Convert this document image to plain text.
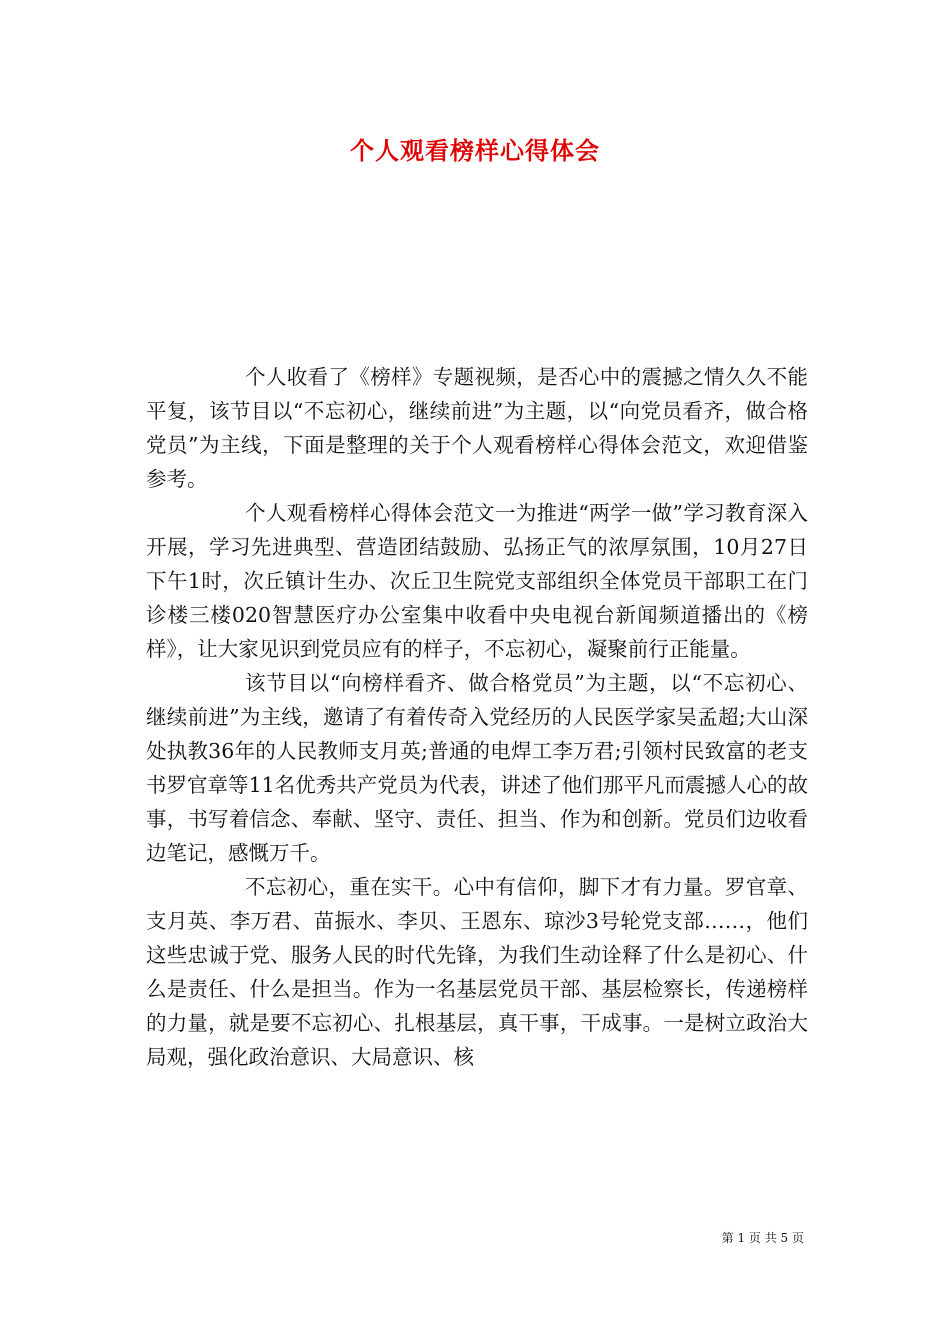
个人观看榜样心得体会

个人收看了《榜样》专题视频，是否心中的震撼之情久久不能平复，该节目以“不忘初心，继续前进”为主题，以“向党员看齐，做合格党员”为主线，下面是整理的关于个人观看榜样心得体会范文，欢迎借鉴参考。

个人观看榜样心得体会范文一为推进“两学一做”学习教育深入开展，学习先进典型、营造团结鼓励、弘扬正气的浓厚氛围，10月27日下午1时，次丘镇计生办、次丘卫生院党支部组织全体党员干部职工在门诊楼三楼020智慧医疗办公室集中收看中央电视台新闻频道播出的《榜样》，让大家见识到党员应有的样子，不忘初心，凝聚前行正能量。

该节目以“向榜样看齐、做合格党员”为主题，以“不忘初心、继续前进”为主线，邀请了有着传奇入党经历的人民医学家吴孟超;大山深处执教36年的人民教师支月英;普通的电焊工李万君;引领村民致富的老支书罗官章等11名优秀共产党员为代表，讲述了他们那平凡而震撼人心的故事，书写着信念、奉献、坚守、责任、担当、作为和创新。党员们边收看边笔记，感慨万千。

不忘初心，重在实干。心中有信仰，脚下才有力量。罗官章、支月英、李万君、苗振水、李贝、王恩东、琼沙3号轮党支部……，他们这些忠诚于党、服务人民的时代先锋，为我们生动诠释了什么是初心、什么是责任、什么是担当。作为一名基层党员干部、基层检察长，传递榜样的力量，就是要不忘初心、扎根基层，真干事，干成事。一是树立政治大局观，强化政治意识、大局意识、核

第 1 页 共 5 页
